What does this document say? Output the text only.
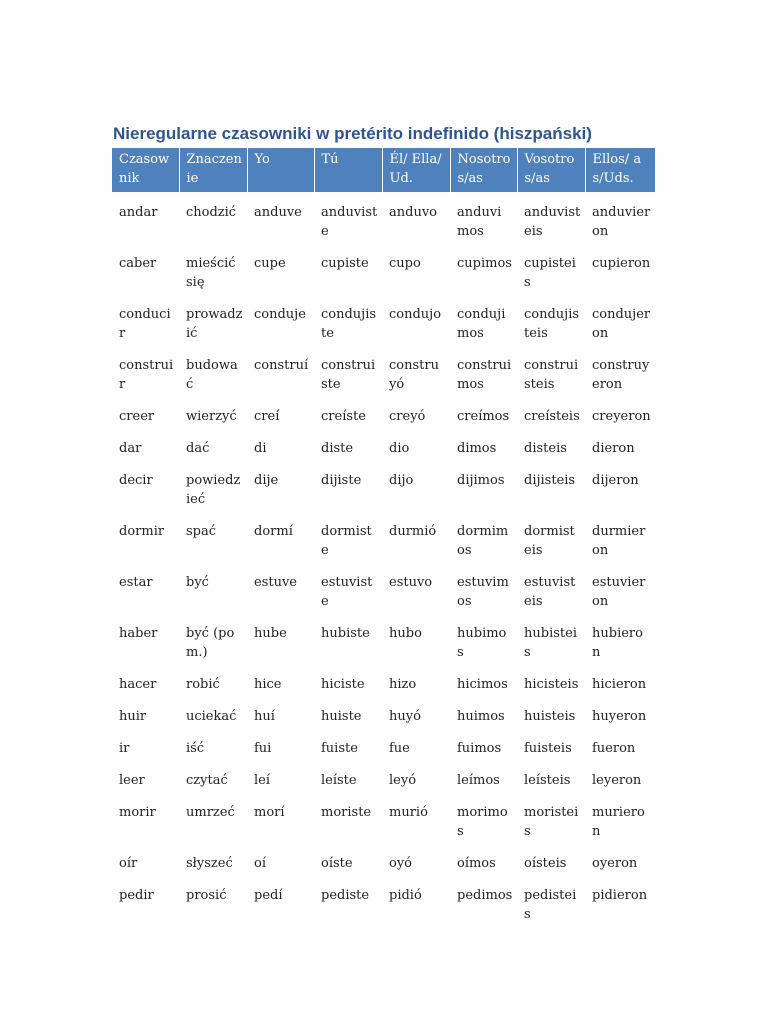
Nieregularne czasowniki w pretérito indefinido (hiszpański)
Czasownik	Znaczenie	Yo	Tú	Él/ Ella/Ud.	Nosotros/as	Vosotros/as	Ellos/ as/Uds.
andar	chodzić	anduve	anduviste	anduvo	anduvimos	anduvisteis	anduvieron
caber	mieścić się	cupe	cupiste	cupo	cupimos	cupisteis	cupieron
conducir	prowadzić	conduje	condujiste	condujo	condujimos	condujisteis	condujeron
construir	budować	construí	construiste	construyó	construimos	construisteis	construyeron
creer	wierzyć	creí	creíste	creyó	creímos	creísteis	creyeron
dar	dać	di	diste	dio	dimos	disteis	dieron
decir	powiedzieć	dije	dijiste	dijo	dijimos	dijisteis	dijeron
dormir	spać	dormí	dormiste	durmió	dormimos	dormisteis	durmieron
estar	być	estuve	estuviste	estuvo	estuvimos	estuvisteis	estuvieron
haber	być (pom.)	hube	hubiste	hubo	hubimos	hubisteis	hubieron
hacer	robić	hice	hiciste	hizo	hicimos	hicisteis	hicieron
huir	uciekać	huí	huiste	huyó	huimos	huisteis	huyeron
ir	iść	fui	fuiste	fue	fuimos	fuisteis	fueron
leer	czytać	leí	leíste	leyó	leímos	leísteis	leyeron
morir	umrzeć	morí	moriste	murió	morimos	moristeis	murieron
oír	słyszeć	oí	oíste	oyó	oímos	oísteis	oyeron
pedir	prosić	pedí	pediste	pidió	pedimos	pedisteis	pidieron
